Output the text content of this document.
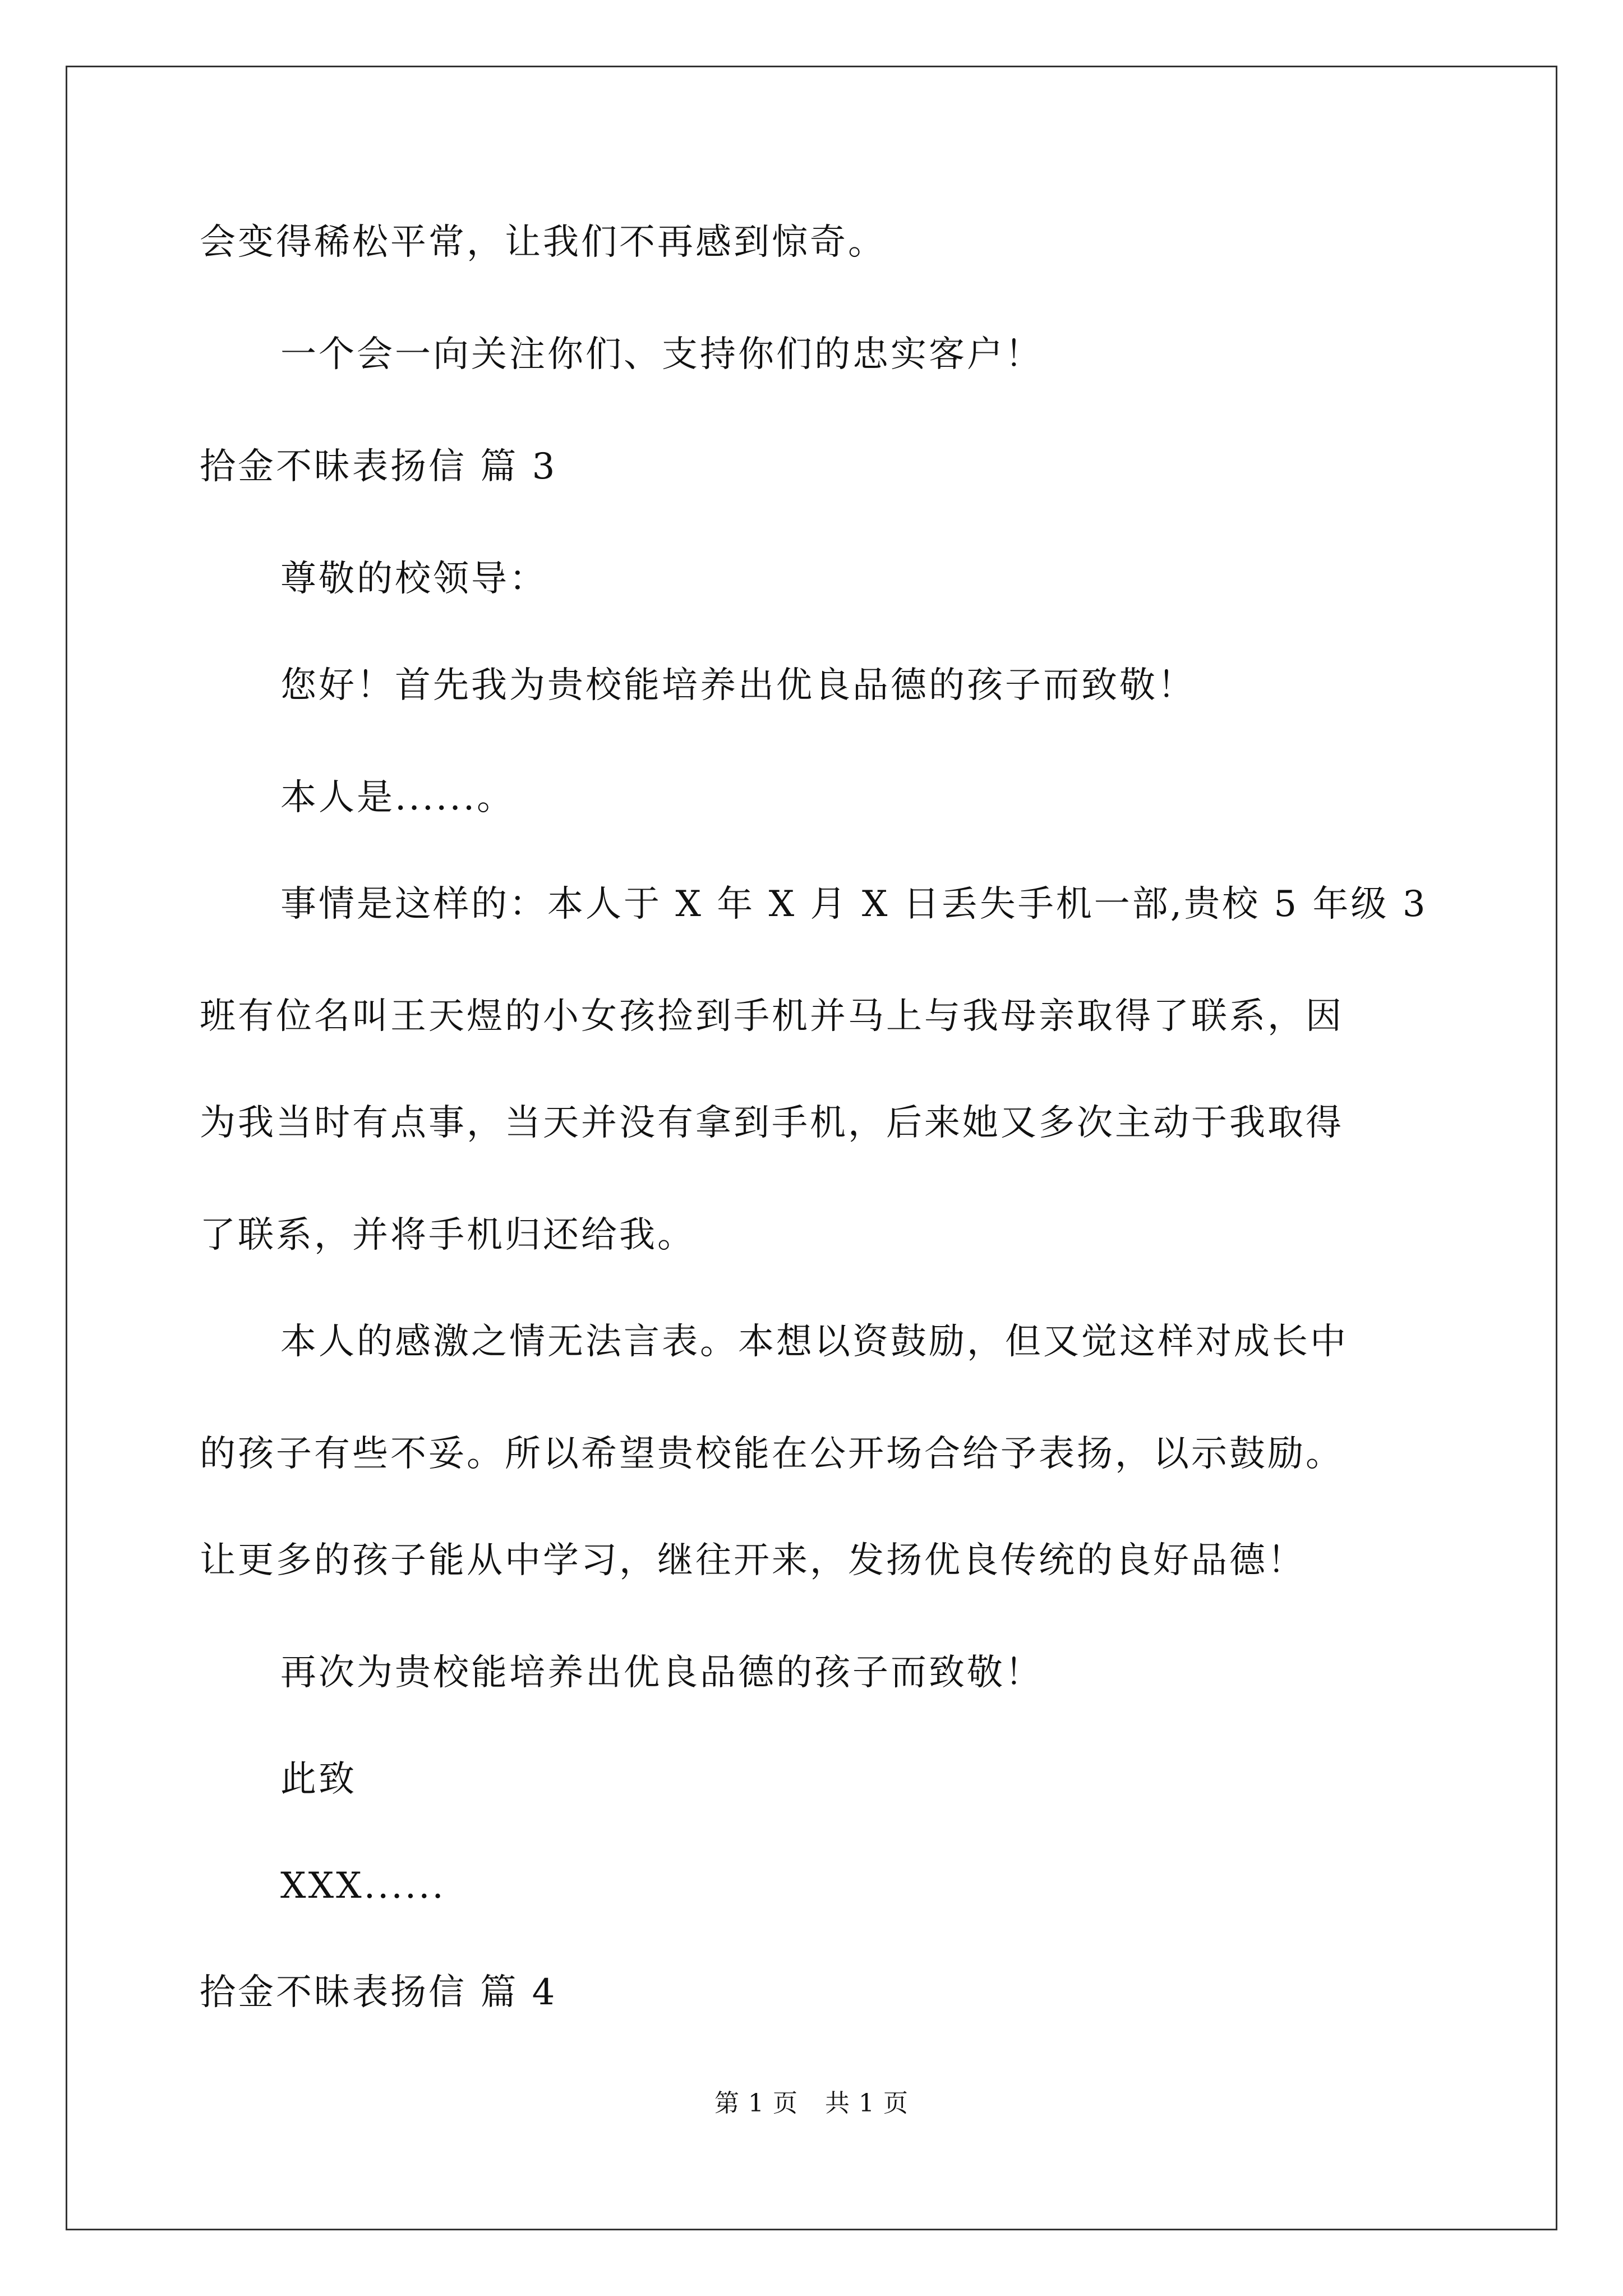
会变得稀松平常，让我们不再感到惊奇。
一个会一向关注你们、支持你们的忠实客户！
拾金不昧表扬信 篇 3
尊敬的校领导：
您好！首先我为贵校能培养出优良品德的孩子而致敬！
本人是......。
事情是这样的：本人于 X 年 X 月 X 日丢失手机一部,贵校 5 年级 3
班有位名叫王天煜的小女孩捡到手机并马上与我母亲取得了联系，因
为我当时有点事，当天并没有拿到手机，后来她又多次主动于我取得
了联系，并将手机归还给我。
本人的感激之情无法言表。本想以资鼓励，但又觉这样对成长中
的孩子有些不妥。所以希望贵校能在公开场合给予表扬，以示鼓励。
让更多的孩子能从中学习，继往开来，发扬优良传统的良好品德！
再次为贵校能培养出优良品德的孩子而致敬！
此致
XXX......
拾金不昧表扬信 篇 4
第 1 页 共 1 页
